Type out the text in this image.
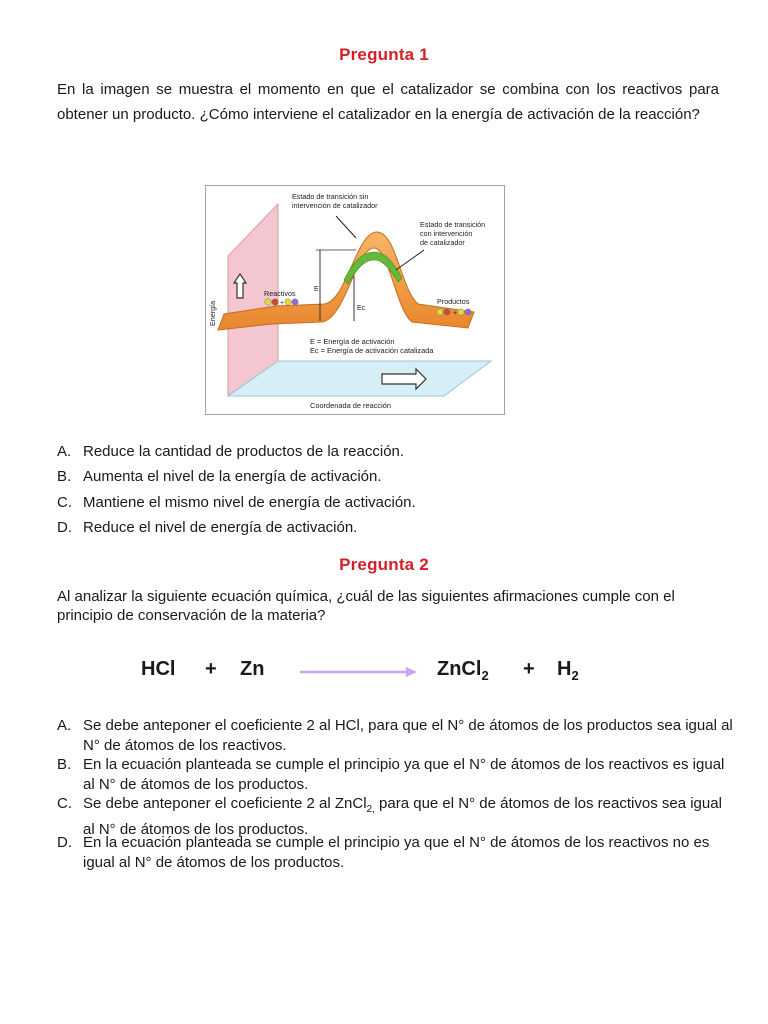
Pregunta 1
En la imagen se muestra el momento en que el catalizador se combina con los reactivos para obtener un producto. ¿Cómo interviene el catalizador en la energía de activación de la reacción?
+
+
Estado de transición sin
intervención de catalizador
Estado de transición
con intervención
de catalizador
Reactivos
Productos
Energía
E
Ec
E = Energía de activación
Ec = Energía de activación catalizada
Coordenada de reacción
A. Reduce la cantidad de productos de la reacción.
B. Aumenta el nivel de la energía de activación.
C. Mantiene el mismo nivel de energía de activación.
D. Reduce el nivel de energía de activación.
Pregunta 2
Al analizar la siguiente ecuación química, ¿cuál de las siguientes afirmaciones cumple con el principio de conservación de la materia?
HCl + Zn	ZnCl$_2$ + $H_2$
A. Se debe anteponer el coeficiente 2 al HCl, para que el N° de átomos de los productos sea igual al N° de átomos de los reactivos.
B. En la ecuación planteada se cumple el principio ya que el N° de átomos de los reactivos es igual al N° de átomos de los productos.
C. Se debe anteponer el coeficiente 2 al ZnCl$_{2,}$ para que el N° de átomos de los reactivos sea igual al N° de átomos de los productos.
D. En la ecuación planteada se cumple el principio ya que el N° de átomos de los reactivos no es igual al N° de átomos de los productos.
